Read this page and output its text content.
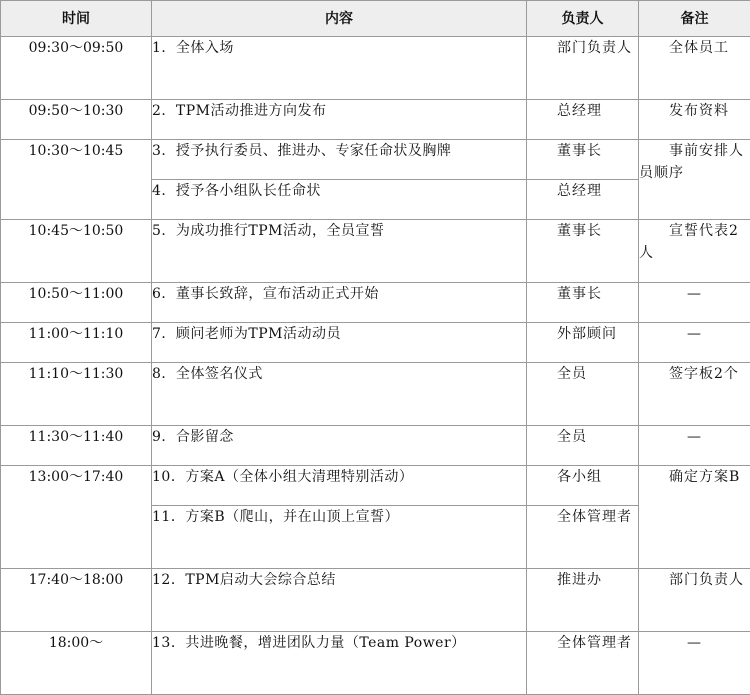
时间	内容	负责人	备注
09:30～09:50	1．全体入场	部门负责人	全体员工
09:50～10:30	2．TPM活动推进方向发布	总经理	发布资料
10:30～10:45	3．授予执行委员、推进办、专家任命状及胸牌	董事长	事前安排人员顺序
	4．授予各小组队长任命状	总经理	
10:45～10:50	5．为成功推行TPM活动，全员宣誓	董事长	宣誓代表2人
10:50～11:00	6．董事长致辞，宣布活动正式开始	董事长	—
11:00～11:10	7．顾问老师为TPM活动动员	外部顾问	—
11:10～11:30	8．全体签名仪式	全员	签字板2个
11:30～11:40	9．合影留念	全员	—
13:00～17:40	10．方案A（全体小组大清理特别活动）	各小组	确定方案B
	11．方案B（爬山，并在山顶上宣誓）	全体管理者	
17:40～18:00	12．TPM启动大会综合总结	推进办	部门负责人
18:00～	13．共进晚餐，增进团队力量（Team Power）	全体管理者	—
